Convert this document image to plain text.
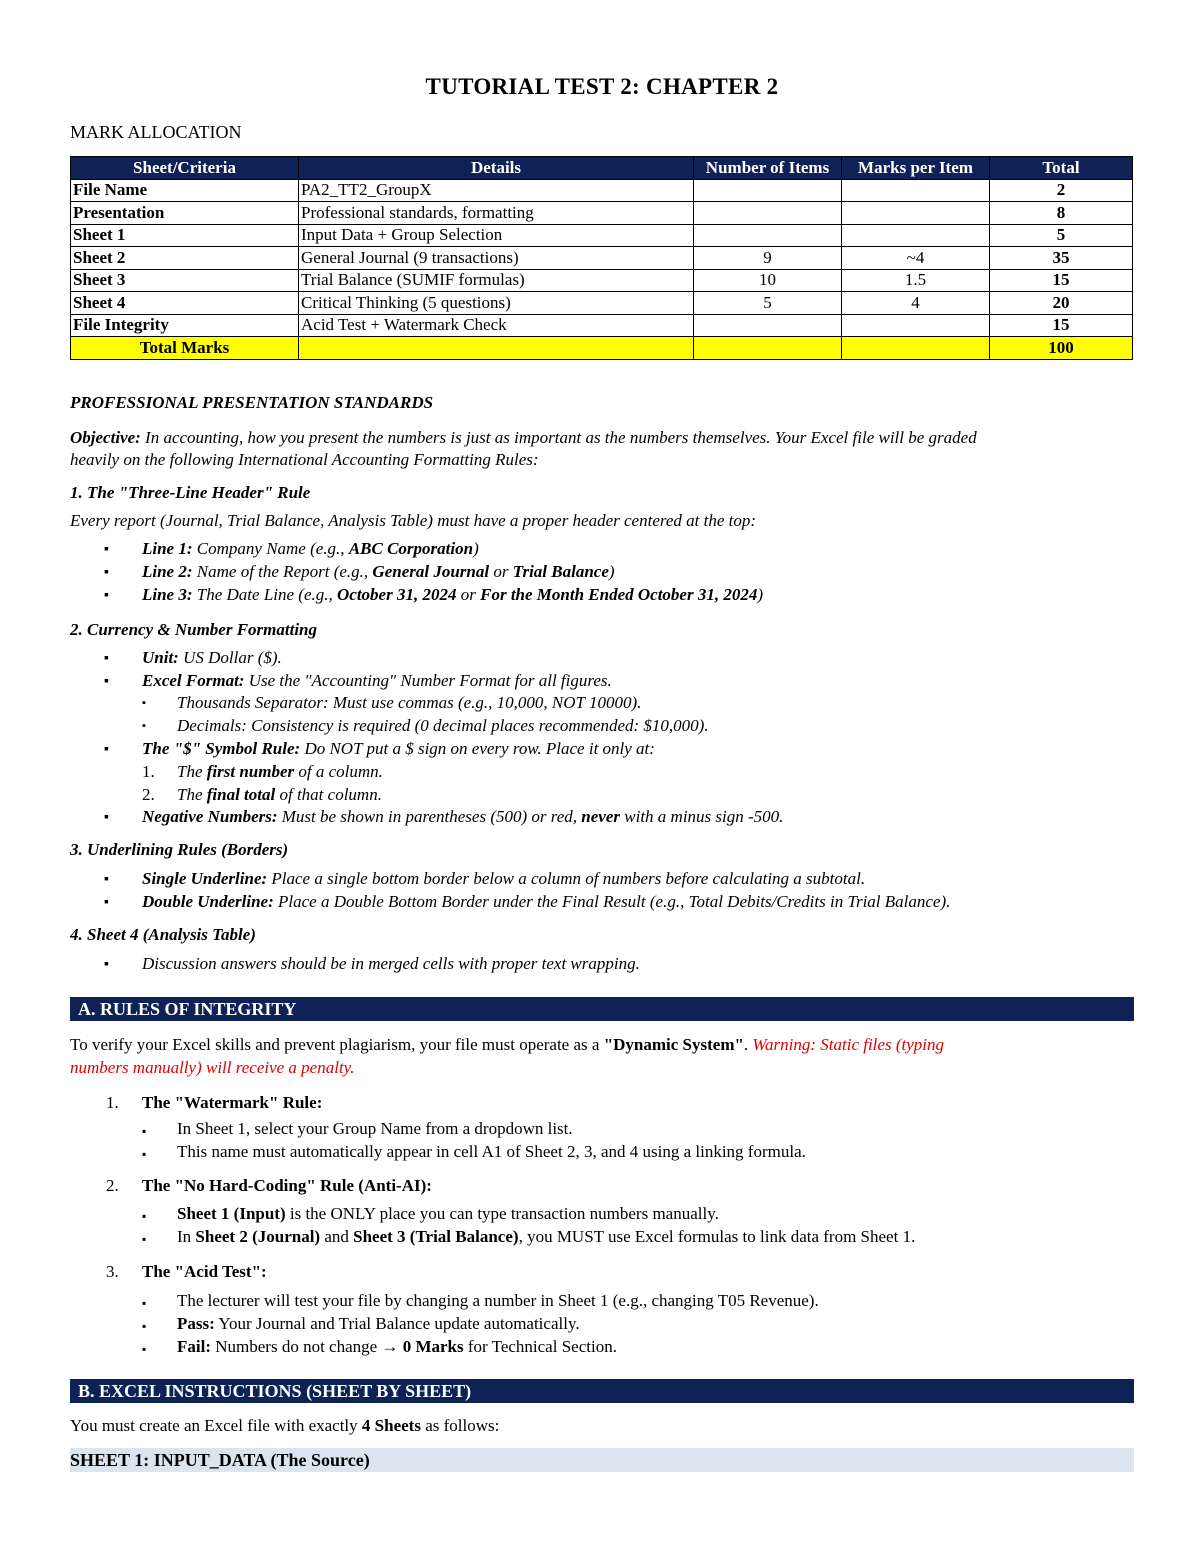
TUTORIAL TEST 2: CHAPTER 2
MARK ALLOCATION
Sheet/Criteria	Details	Number of Items	Marks per Item	Total
File Name	PA2_TT2_GroupX			2
Presentation	Professional standards, formatting			8
Sheet 1	Input Data + Group Selection			5
Sheet 2	General Journal (9 transactions)	9	~4	35
Sheet 3	Trial Balance (SUMIF formulas)	10	1.5	15
Sheet 4	Critical Thinking (5 questions)	5	4	20
File Integrity	Acid Test + Watermark Check			15
Total Marks				100
PROFESSIONAL PRESENTATION STANDARDS
Objective: In accounting, how you present the numbers is just as important as the numbers themselves. Your Excel file will be graded
heavily on the following International Accounting Formatting Rules:
1. The "Three-Line Header" Rule
Every report (Journal, Trial Balance, Analysis Table) must have a proper header centered at the top:
▪ Line 1: Company Name (e.g., ABC Corporation)
▪ Line 2: Name of the Report (e.g., General Journal or Trial Balance)
▪ Line 3: The Date Line (e.g., October 31, 2024 or For the Month Ended October 31, 2024)
2. Currency & Number Formatting
▪ Unit: US Dollar ($).
▪ Excel Format: Use the "Accounting" Number Format for all figures.
▪ Thousands Separator: Must use commas (e.g., 10,000, NOT 10000).
▪ Decimals: Consistency is required (0 decimal places recommended: $10,000).
▪ The "$" Symbol Rule: Do NOT put a $ sign on every row. Place it only at:
1. The first number of a column.
2. The final total of that column.
▪ Negative Numbers: Must be shown in parentheses (500) or red, never with a minus sign -500.
3. Underlining Rules (Borders)
▪ Single Underline: Place a single bottom border below a column of numbers before calculating a subtotal.
▪ Double Underline: Place a Double Bottom Border under the Final Result (e.g., Total Debits/Credits in Trial Balance).
4. Sheet 4 (Analysis Table)
▪ Discussion answers should be in merged cells with proper text wrapping.
A. RULES OF INTEGRITY
To verify your Excel skills and prevent plagiarism, your file must operate as a "Dynamic System". Warning: Static files (typing
numbers manually) will receive a penalty.
1. The "Watermark" Rule:
▪ In Sheet 1, select your Group Name from a dropdown list.
▪ This name must automatically appear in cell A1 of Sheet 2, 3, and 4 using a linking formula.
2. The "No Hard-Coding" Rule (Anti-AI):
▪ Sheet 1 (Input) is the ONLY place you can type transaction numbers manually.
▪ In Sheet 2 (Journal) and Sheet 3 (Trial Balance), you MUST use Excel formulas to link data from Sheet 1.
3. The "Acid Test":
▪ The lecturer will test your file by changing a number in Sheet 1 (e.g., changing T05 Revenue).
▪ Pass: Your Journal and Trial Balance update automatically.
▪ Fail: Numbers do not change → 0 Marks for Technical Section.
B. EXCEL INSTRUCTIONS (SHEET BY SHEET)
You must create an Excel file with exactly 4 Sheets as follows:
SHEET 1: INPUT_DATA (The Source)
